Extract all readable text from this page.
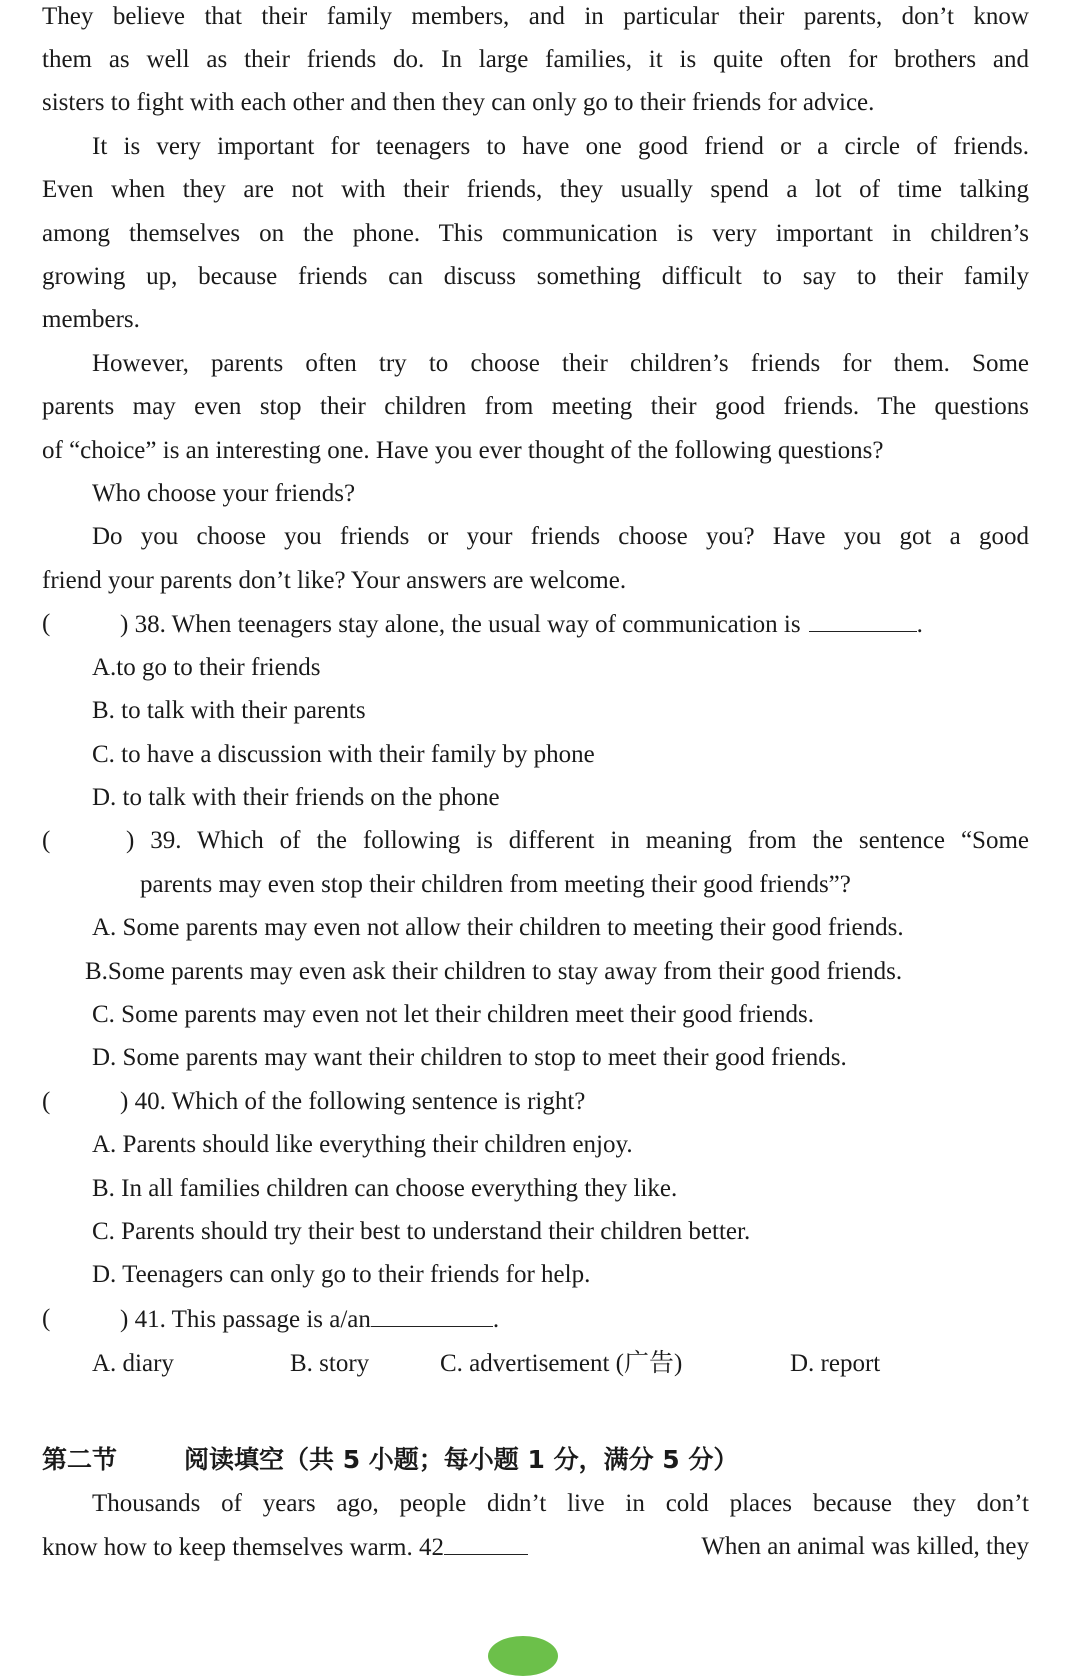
They believe that their family members, and in particular their parents, don’t know
them as well as their friends do. In large families, it is quite often for brothers and
sisters to fight with each other and then they can only go to their friends for advice.
It is very important for teenagers to have one good friend or a circle of friends.
Even when they are not with their friends, they usually spend a lot of time talking
among themselves on the phone. This communication is very important in children’s
growing up, because friends can discuss something difficult to say to their family
members.
However, parents often try to choose their children’s friends for them. Some
parents may even stop their children from meeting their good friends. The questions
of “choice” is an interesting one. Have you ever thought of the following questions?
Who choose your friends?
Do you choose you friends or your friends choose you? Have you got a good
friend your parents don’t like? Your answers are welcome.
(	) 38. When teenagers stay alone, the usual way of communication is	.
A.to go to their friends
B. to talk with their parents
C. to have a discussion with their family by phone
D. to talk with their friends on the phone
(	) 39. Which of the following is different in meaning from the sentence “Some
parents may even stop their children from meeting their good friends”?
A. Some parents may even not allow their children to meeting their good friends.
B.Some parents may even ask their children to stay away from their good friends.
C. Some parents may even not let their children meet their good friends.
D. Some parents may want their children to stop to meet their good friends.
(	) 40. Which of the following sentence is right?
A. Parents should like everything their children enjoy.
B. In all families children can choose everything they like.
C. Parents should try their best to understand their children better.
D. Teenagers can only go to their friends for help.
(	) 41. This passage is a/an	.
A. diary	B. story	C. advertisement (广告)	D. report
第二节	阅读填空（共 5 小题；每小题 1 分，满分 5 分）
Thousands of years ago, people didn’t live in cold places because they don’t
know how to keep themselves warm. 42	When an animal was killed, they
